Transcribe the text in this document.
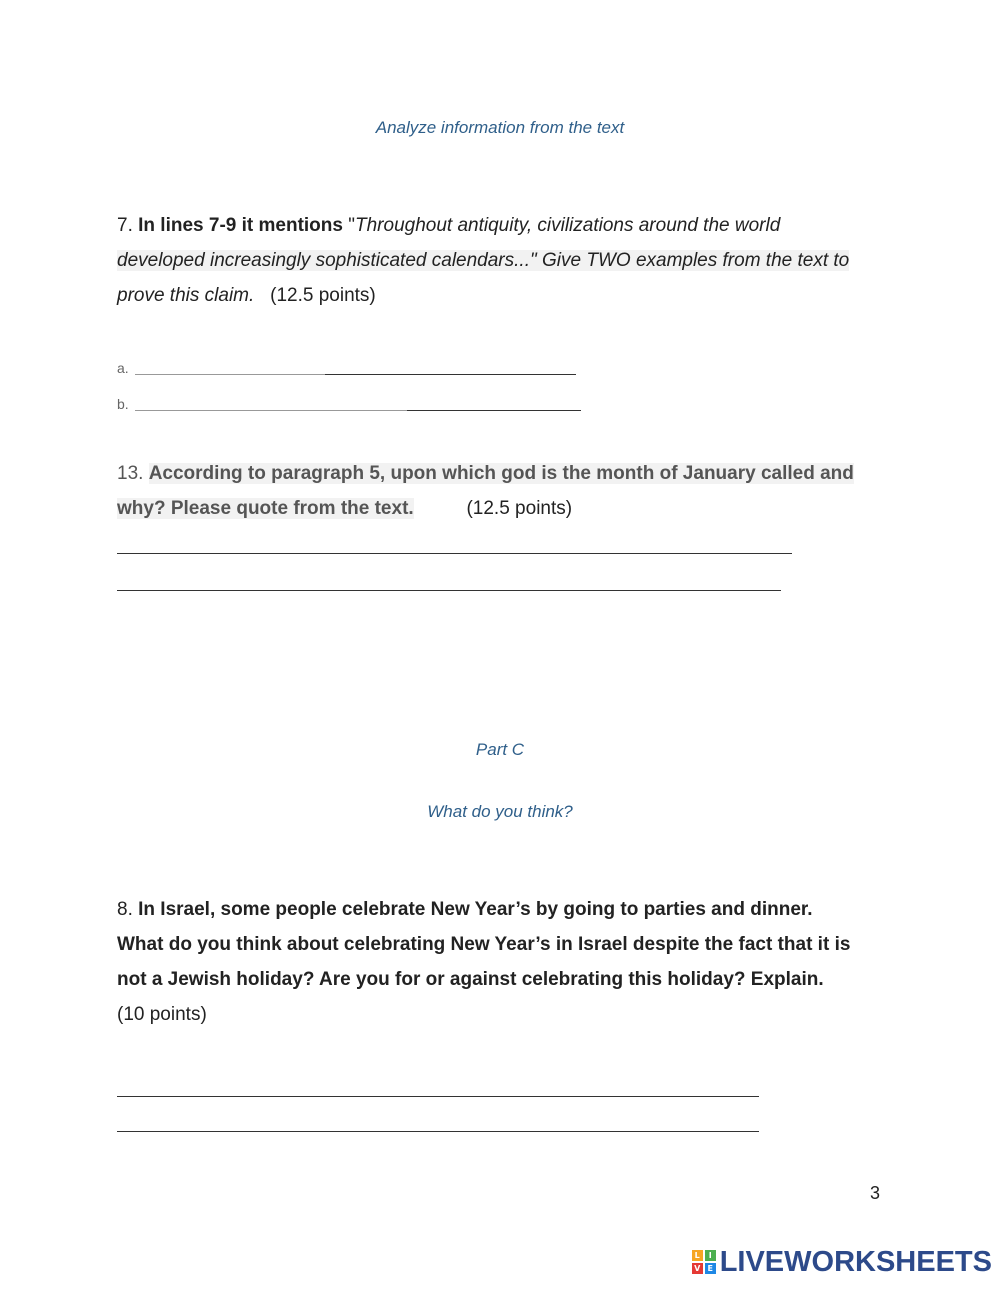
Analyze information from the text
7. In lines 7-9 it mentions "Throughout antiquity, civilizations around the world
developed increasingly sophisticated calendars..." Give TWO examples from the text to
prove this claim. (12.5 points)
a.
b.
13. According to paragraph 5, upon which god is the month of January called and
why? Please quote from the text.	(12.5 points)
Part C
What do you think?
8. In Israel, some people celebrate New Year’s by going to parties and dinner.
What do you think about celebrating New Year’s in Israel despite the fact that it is
not a Jewish holiday? Are you for or against celebrating this holiday? Explain.
(10 points)
3
L	I
V E LIVEWORKSHEETS
